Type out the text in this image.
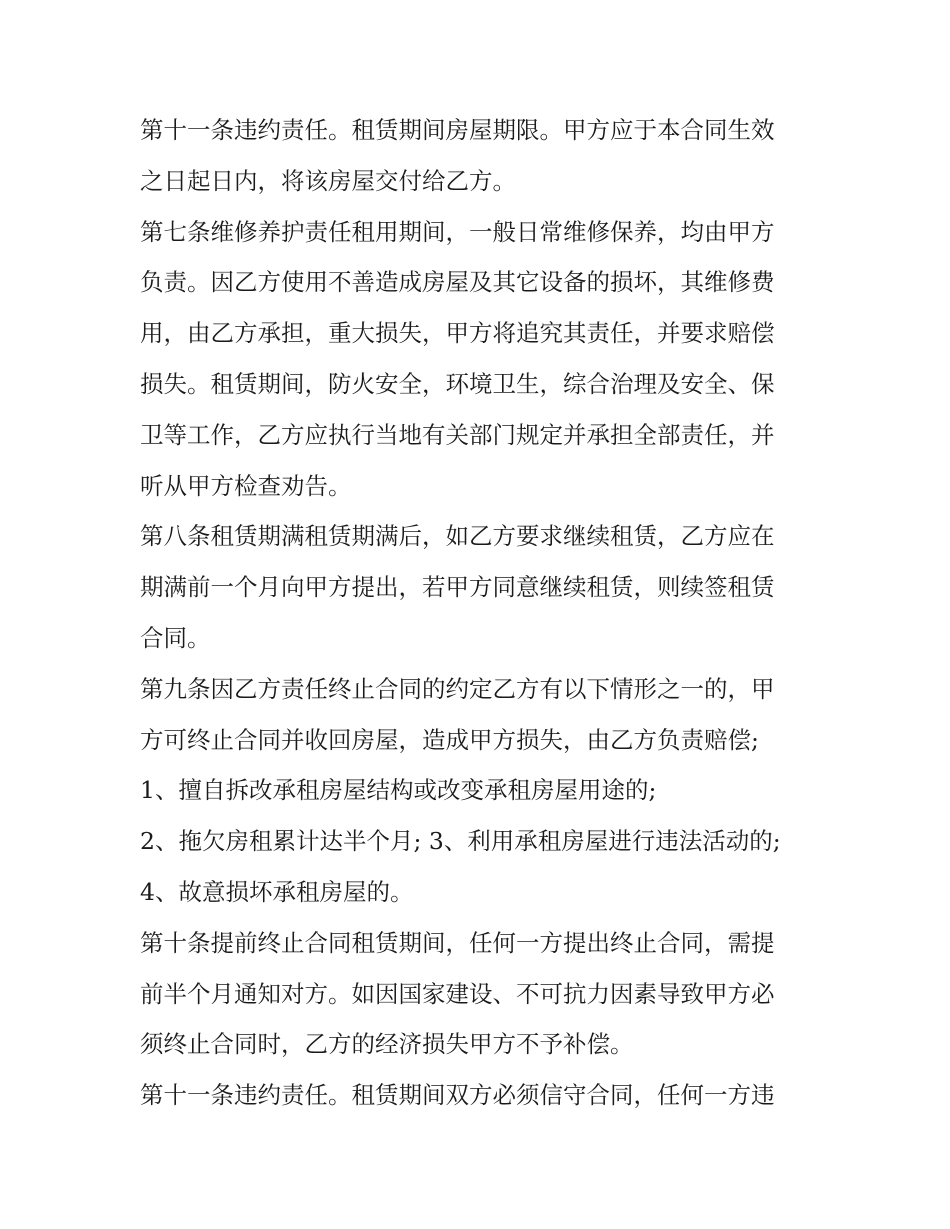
第十一条违约责任。租赁期间房屋期限。甲方应于本合同生效

之日起日内，将该房屋交付给乙方。

第七条维修养护责任租用期间，一般日常维修保养，均由甲方

负责。因乙方使用不善造成房屋及其它设备的损坏，其维修费

用，由乙方承担，重大损失，甲方将追究其责任，并要求赔偿

损失。租赁期间，防火安全，环境卫生，综合治理及安全、保

卫等工作，乙方应执行当地有关部门规定并承担全部责任，并

听从甲方检查劝告。

第八条租赁期满租赁期满后，如乙方要求继续租赁，乙方应在

期满前一个月向甲方提出，若甲方同意继续租赁，则续签租赁

合同。

第九条因乙方责任终止合同的约定乙方有以下情形之一的，甲

方可终止合同并收回房屋，造成甲方损失，由乙方负责赔偿;

1、擅自拆改承租房屋结构或改变承租房屋用途的;

2、拖欠房租累计达半个月; 3、利用承租房屋进行违法活动的;

4、故意损坏承租房屋的。

第十条提前终止合同租赁期间，任何一方提出终止合同，需提

前半个月通知对方。如因国家建设、不可抗力因素导致甲方必

须终止合同时，乙方的经济损失甲方不予补偿。

第十一条违约责任。租赁期间双方必须信守合同，任何一方违
